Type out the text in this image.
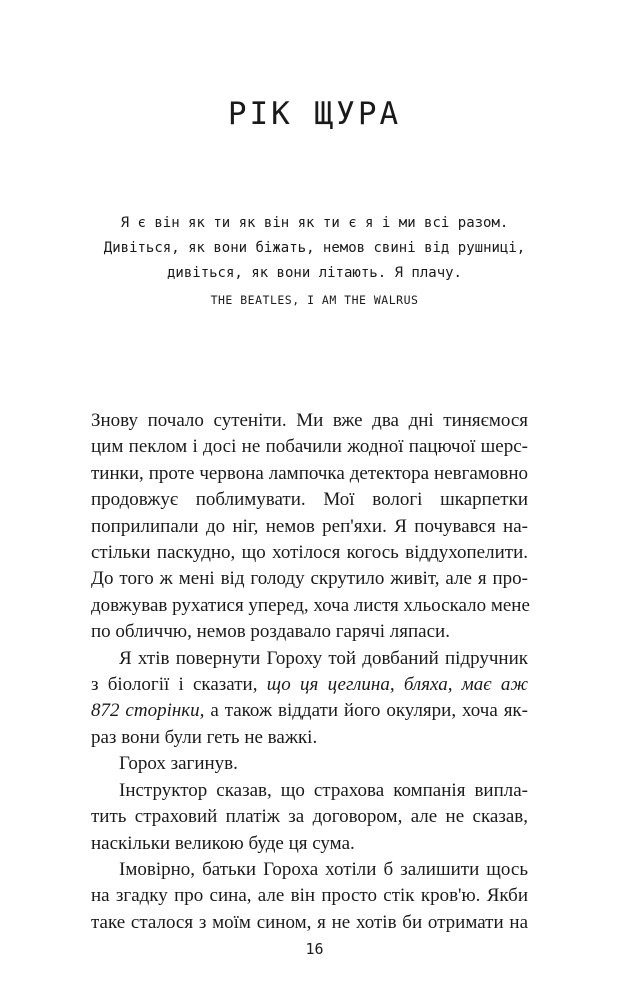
РІК ЩУРА
Я є він як ти як він як ти є я і ми всі разом.
Дивіться, як вони біжать, немов свині від рушниці,
дивіться, як вони літають. Я плачу.
THE BEATLES, I AM THE WALRUS
Знову почало сутеніти. Ми вже два дні тиняємося
цим пеклом і досі не побачили жодної пацючої шерс-
тинки, проте червона лампочка детектора невгамовно
продовжує поблимувати. Мої вологі шкарпетки
поприлипали до ніг, немов реп'яхи. Я почувався на-
стільки паскудно, що хотілося когось віддухопелити.
До того ж мені від голоду скрутило живіт, але я про-
довжував рухатися уперед, хоча листя хльоскало мене
по обличчю, немов роздавало гарячі ляпаси.
Я хтів повернути Гороху той довбаний підручник
з біології і сказати, що ця цеглина, бляха, має аж
872 сторінки, а також віддати його окуляри, хоча як-
раз вони були геть не важкі.
Горох загинув.
Інструктор сказав, що страхова компанія випла-
тить страховий платіж за договором, але не сказав,
наскільки великою буде ця сума.
Імовірно, батьки Гороха хотіли б залишити щось
на згадку про сина, але він просто стік кров'ю. Якби
таке сталося з моїм сином, я не хотів би отримати на
16
